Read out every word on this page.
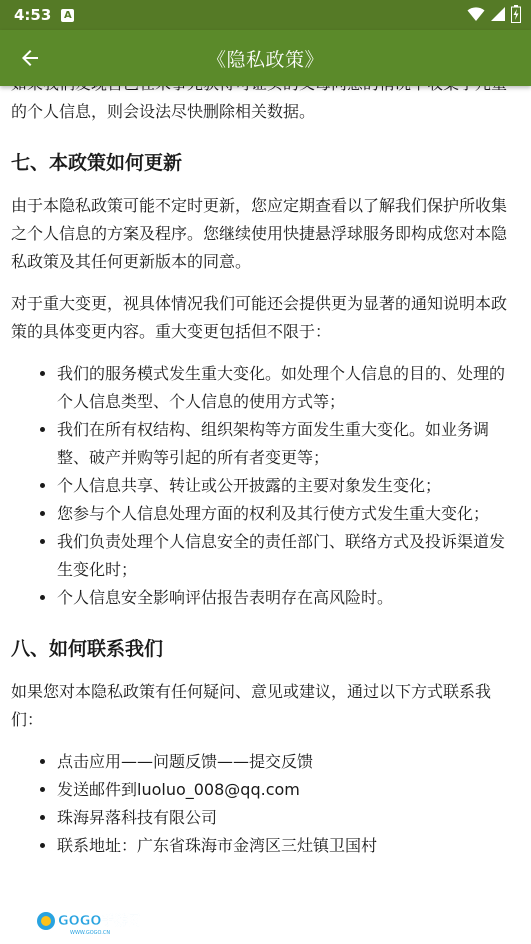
4:53 A
《隐私政策》

的个人信息，则会设法尽快删除相关数据。

七、本政策如何更新

由于本隐私政策可能不定时更新，您应定期查看以了解我们保护所收集之个人信息的方案及程序。您继续使用快捷悬浮球服务即构成您对本隐私政策及其任何更新版本的同意。

对于重大变更，视具体情况我们可能还会提供更为显著的通知说明本政策的具体变更内容。重大变更包括但不限于：

• 我们的服务模式发生重大变化。如处理个人信息的目的、处理的个人信息类型、个人信息的使用方式等；
• 我们在所有权结构、组织架构等方面发生重大变化。如业务调整、破产并购等引起的所有者变更等；
• 个人信息共享、转让或公开披露的主要对象发生变化；
• 您参与个人信息处理方面的权利及其行使方式发生重大变化；
• 我们负责处理个人信息安全的责任部门、联络方式及投诉渠道发生变化时；
• 个人信息安全影响评估报告表明存在高风险时。
八、如何联系我们

如果您对本隐私政策有任何疑问、意见或建议，通过以下方式联系我们：

• 点击应用——问题反馈——提交反馈
• 发送邮件到luoluo_008@qq.com
• 珠海昇落科技有限公司
• 联系地址：广东省珠海市金湾区三灶镇卫国村
GOGO手游网
WWW.GOGO.CN
